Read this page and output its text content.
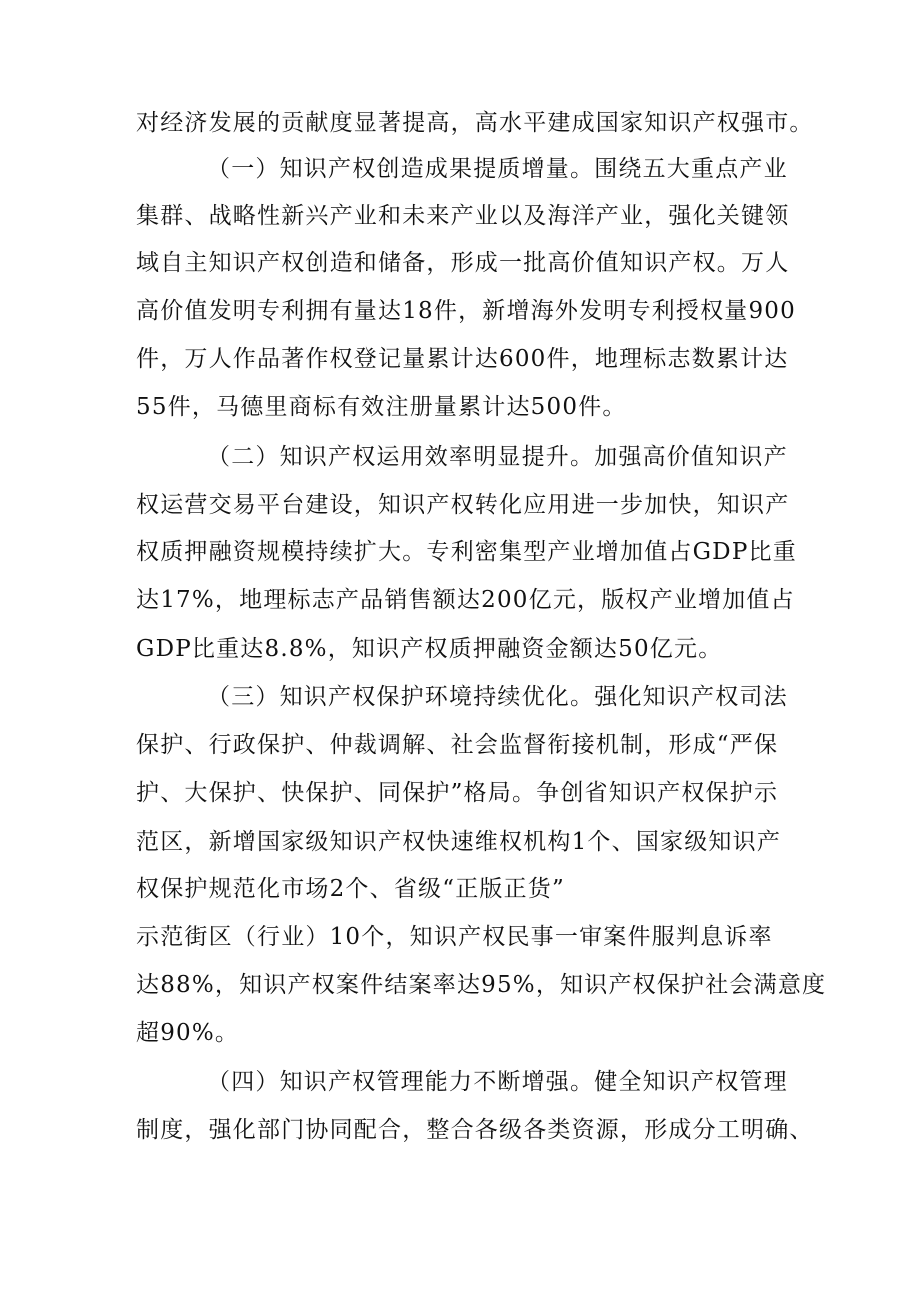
对经济发展的贡献度显著提高，高水平建成国家知识产权强市。
（一）知识产权创造成果提质增量。围绕五大重点产业
集群、战略性新兴产业和未来产业以及海洋产业，强化关键领
域自主知识产权创造和储备，形成一批高价值知识产权。万人
高价值发明专利拥有量达18件，新增海外发明专利授权量900
件，万人作品著作权登记量累计达600件，地理标志数累计达
55件，马德里商标有效注册量累计达500件。
（二）知识产权运用效率明显提升。加强高价值知识产
权运营交易平台建设，知识产权转化应用进一步加快，知识产
权质押融资规模持续扩大。专利密集型产业增加值占GDP比重
达17%，地理标志产品销售额达200亿元，版权产业增加值占
GDP比重达8.8%，知识产权质押融资金额达50亿元。
（三）知识产权保护环境持续优化。强化知识产权司法
保护、行政保护、仲裁调解、社会监督衔接机制，形成“严保
护、大保护、快保护、同保护”格局。争创省知识产权保护示
范区，新增国家级知识产权快速维权机构1个、国家级知识产
权保护规范化市场2个、省级“正版正货”
示范街区（行业）10个，知识产权民事一审案件服判息诉率
达88%，知识产权案件结案率达95%，知识产权保护社会满意度
超90%。
（四）知识产权管理能力不断增强。健全知识产权管理
制度，强化部门协同配合，整合各级各类资源，形成分工明确、
